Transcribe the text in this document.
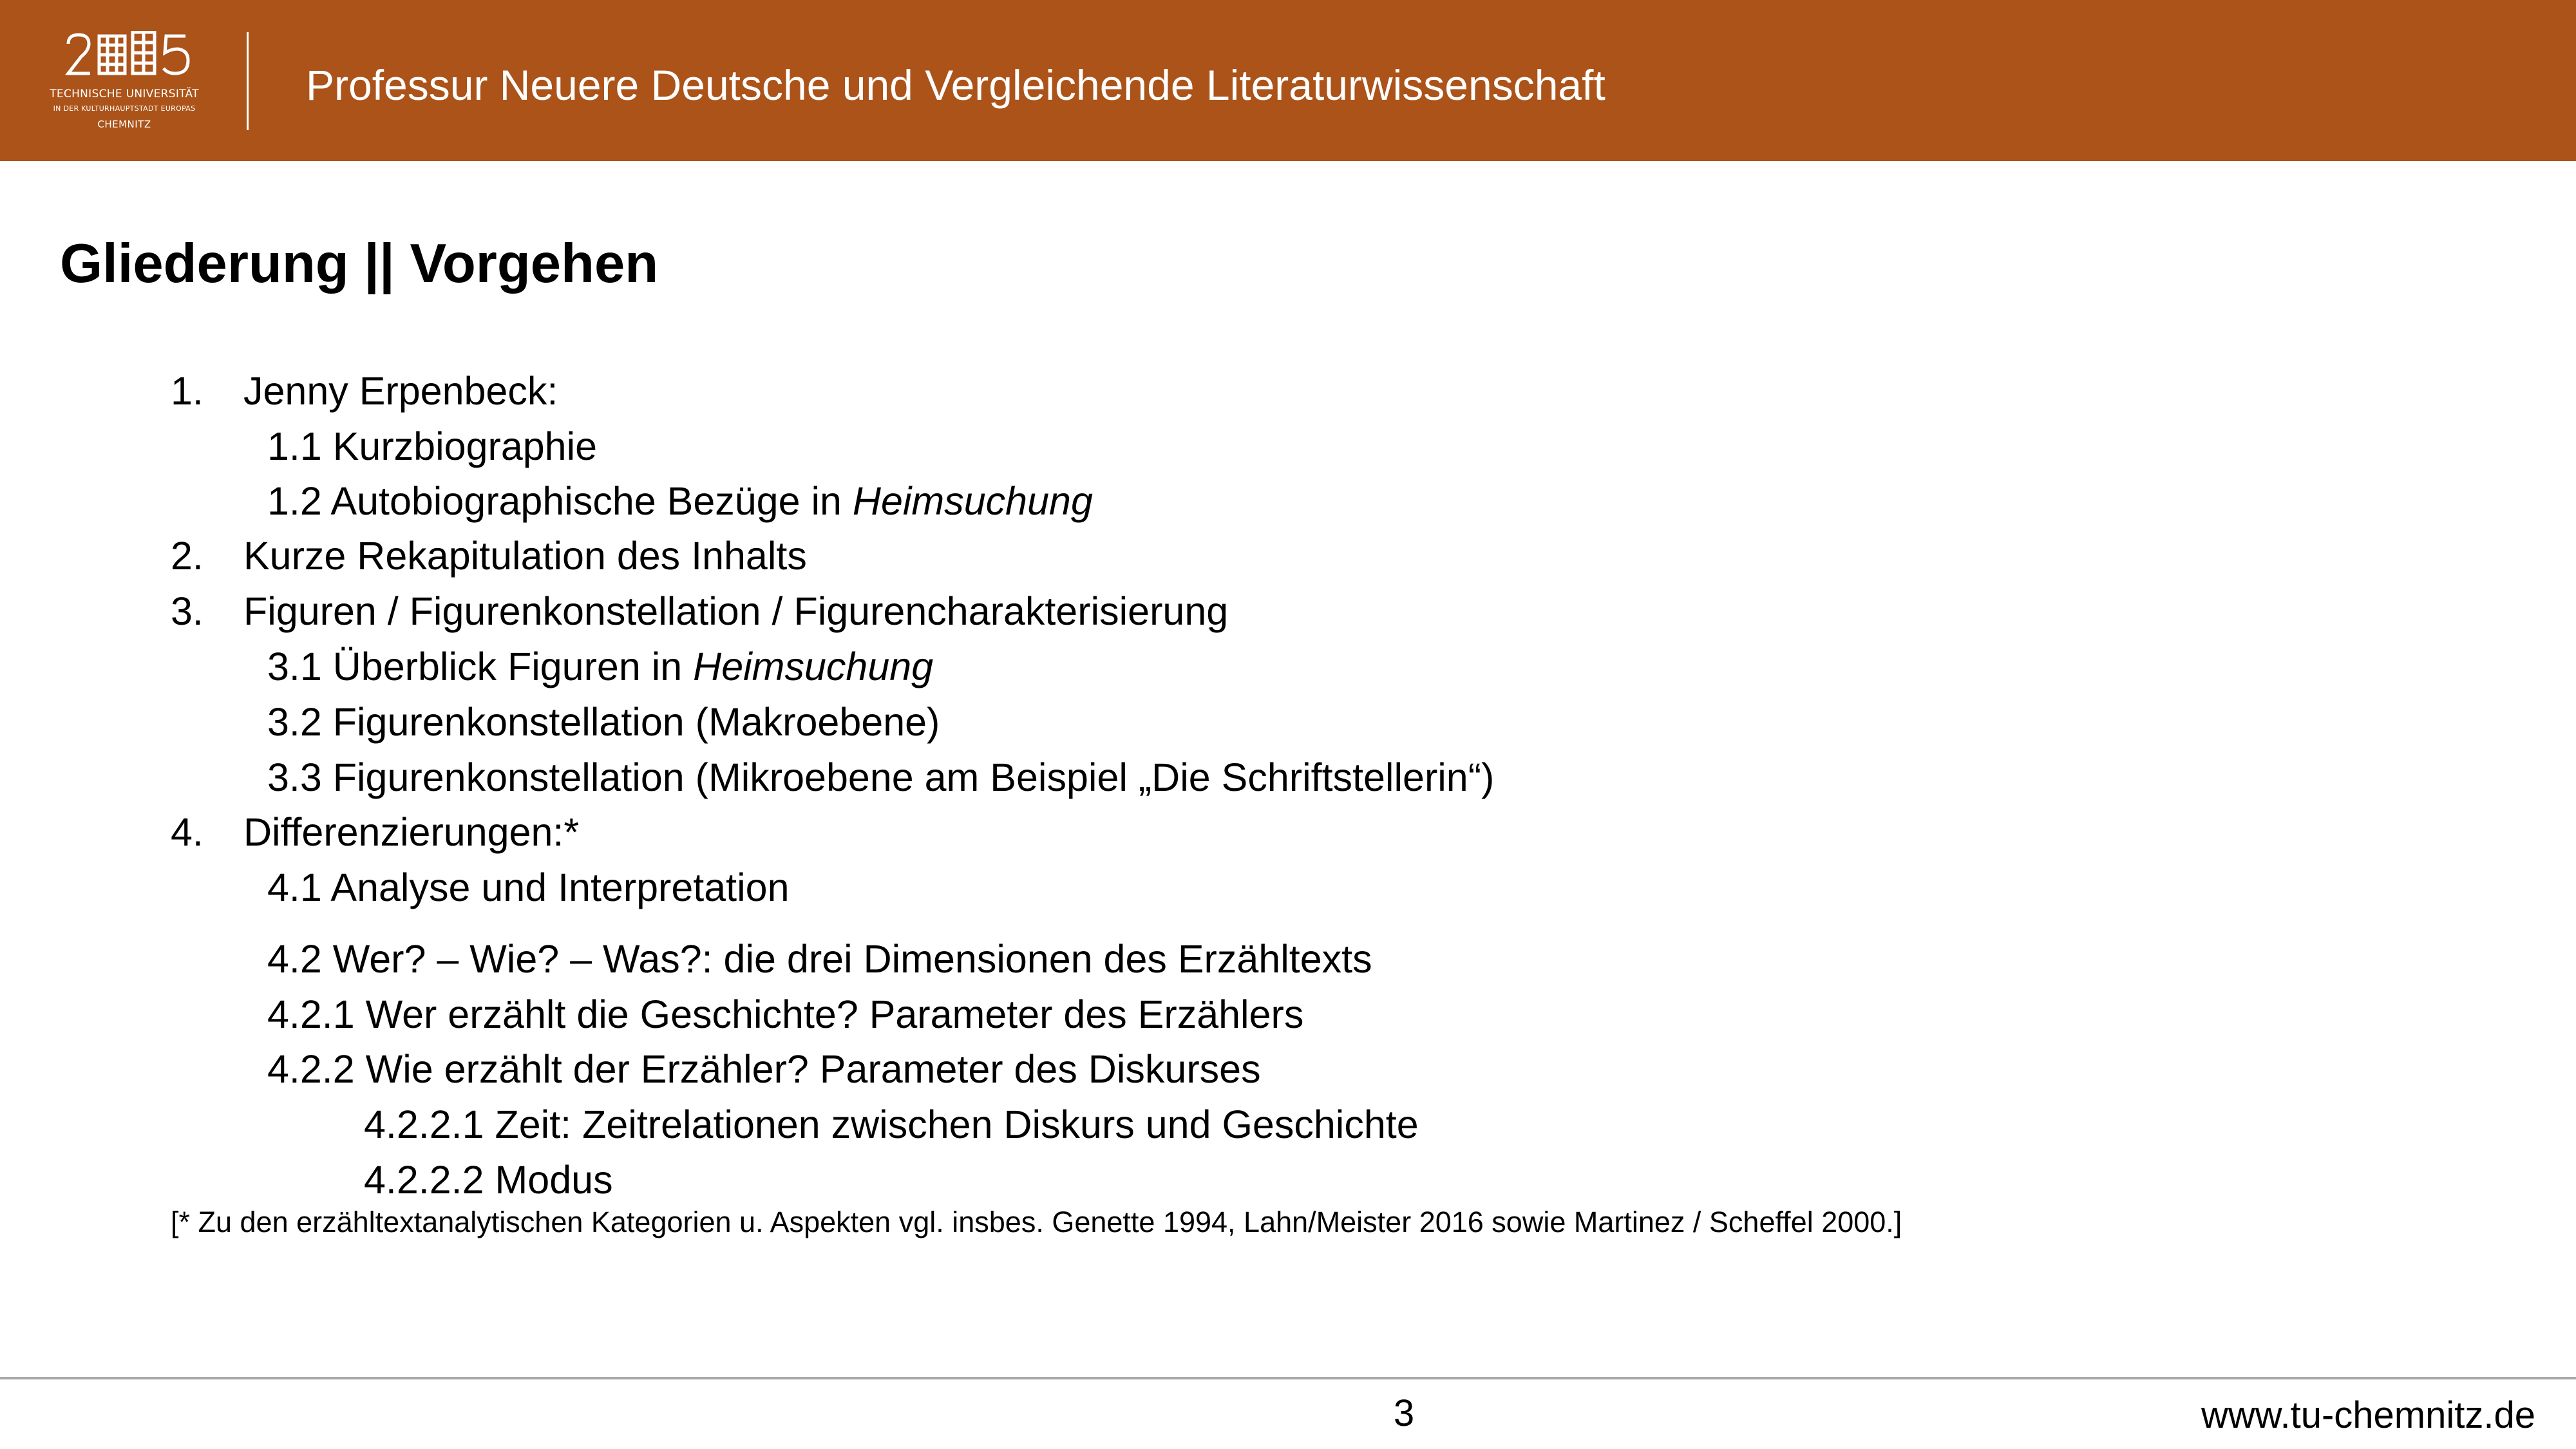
TECHNISCHE UNIVERSITÄT
IN DER KULTURHAUPTSTADT EUROPAS
CHEMNITZ
Professur Neuere Deutsche und Vergleichende Literaturwissenschaft
Gliederung || Vorgehen
1. Jenny Erpenbeck:
1.1 Kurzbiographie
1.2 Autobiographische Bezüge in Heimsuchung
2. Kurze Rekapitulation des Inhalts
3. Figuren / Figurenkonstellation / Figurencharakterisierung
3.1 Überblick Figuren in Heimsuchung
3.2 Figurenkonstellation (Makroebene)
3.3 Figurenkonstellation (Mikroebene am Beispiel „Die Schriftstellerin“)
4. Differenzierungen:*
4.1 Analyse und Interpretation
4.2 Wer? – Wie? – Was?: die drei Dimensionen des Erzähltexts
4.2.1 Wer erzählt die Geschichte? Parameter des Erzählers
4.2.2 Wie erzählt der Erzähler? Parameter des Diskurses
4.2.2.1 Zeit: Zeitrelationen zwischen Diskurs und Geschichte
4.2.2.2 Modus
[* Zu den erzähltextanalytischen Kategorien u. Aspekten vgl. insbes. Genette 1994, Lahn/Meister 2016 sowie Martinez / Scheffel 2000.]
3	www.tu-chemnitz.de
